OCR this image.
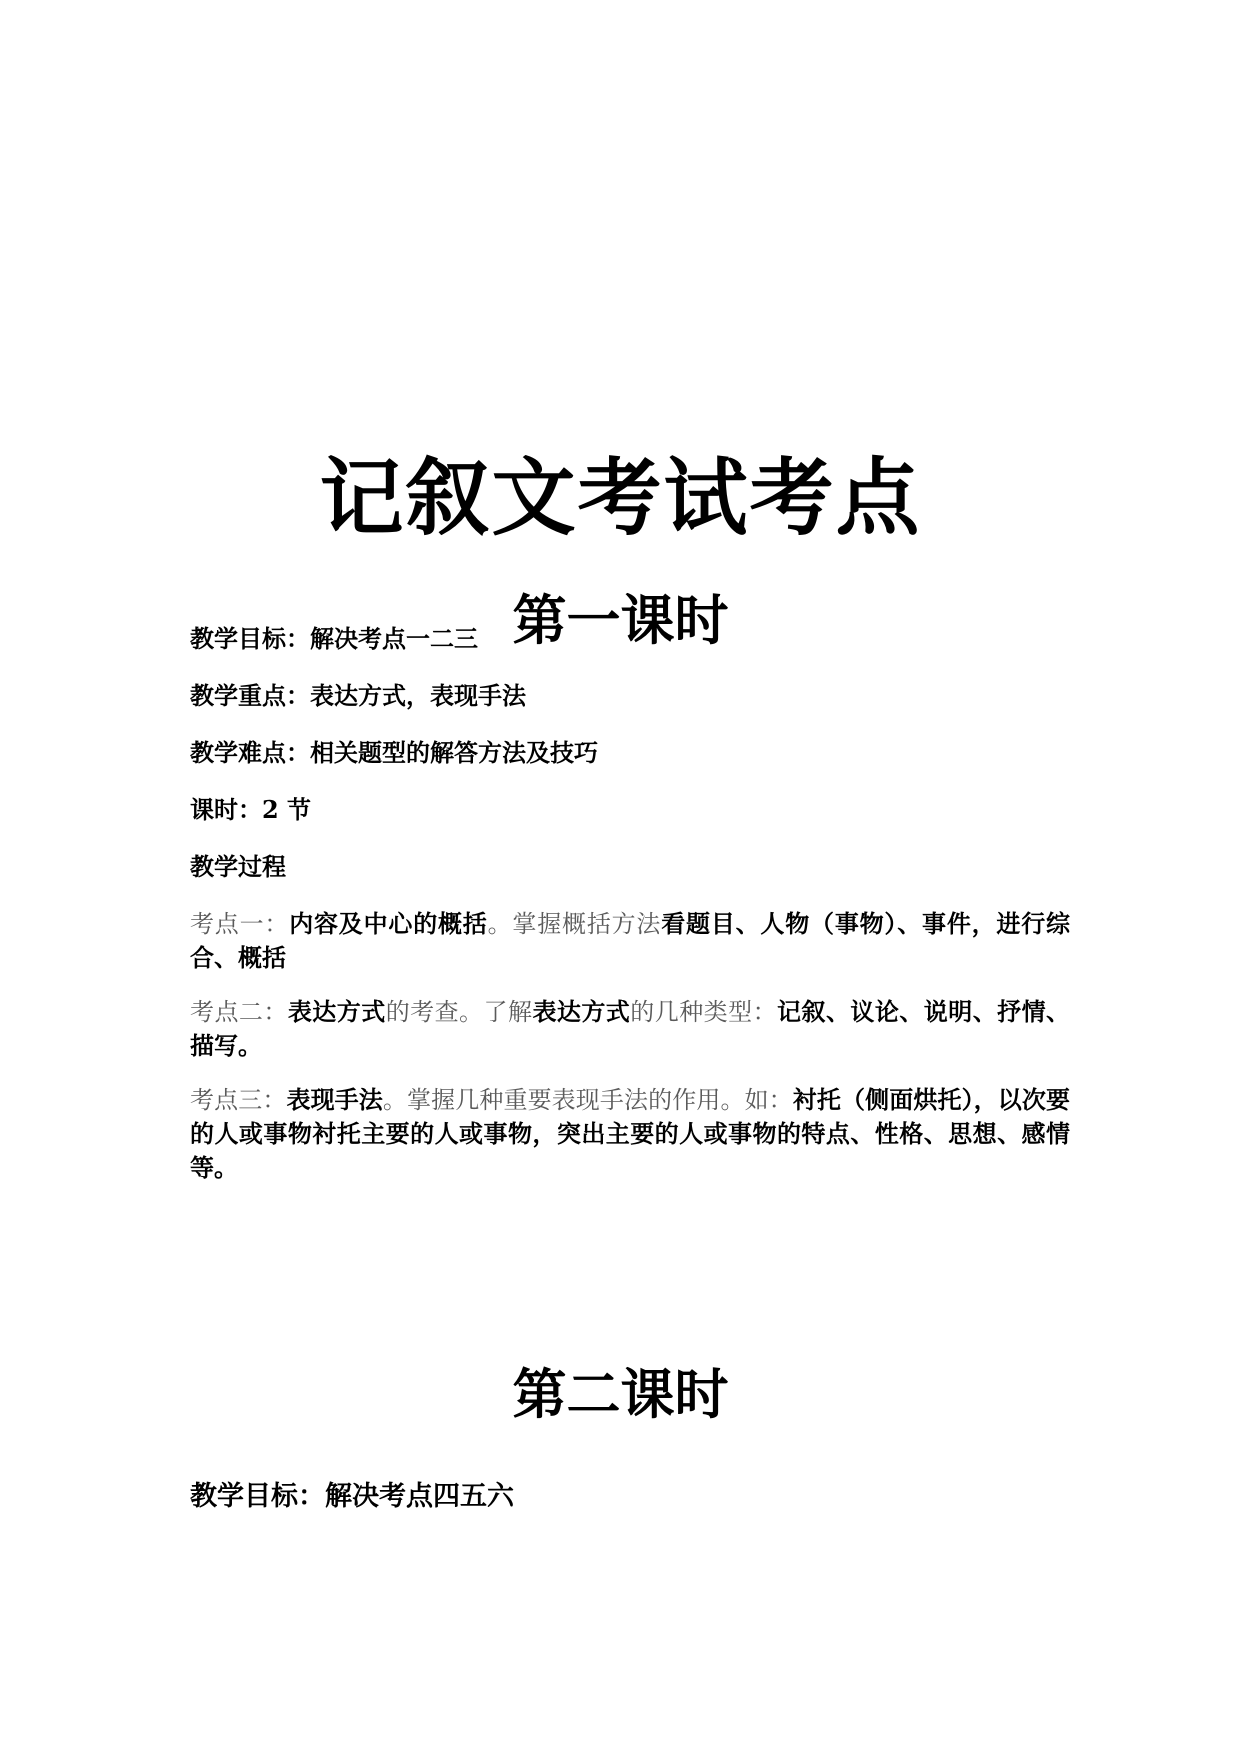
记叙文考试考点
第一课时
教学目标：解决考点一二三
教学重点：表达方式，表现手法
教学难点：相关题型的解答方法及技巧
课时：2 节
教学过程
考点一：内容及中心的概括。掌握概括方法看题目、人物（事物）、事件，进行综合、概括
考点二：表达方式的考查。了解表达方式的几种类型：记叙、议论、说明、抒情、描写。
考点三：表现手法。掌握几种重要表现手法的作用。如：衬托（侧面烘托），以次要的人或事物衬托主要的人或事物，突出主要的人或事物的特点、性格、思想、感情等。
第二课时
教学目标：解决考点四五六
